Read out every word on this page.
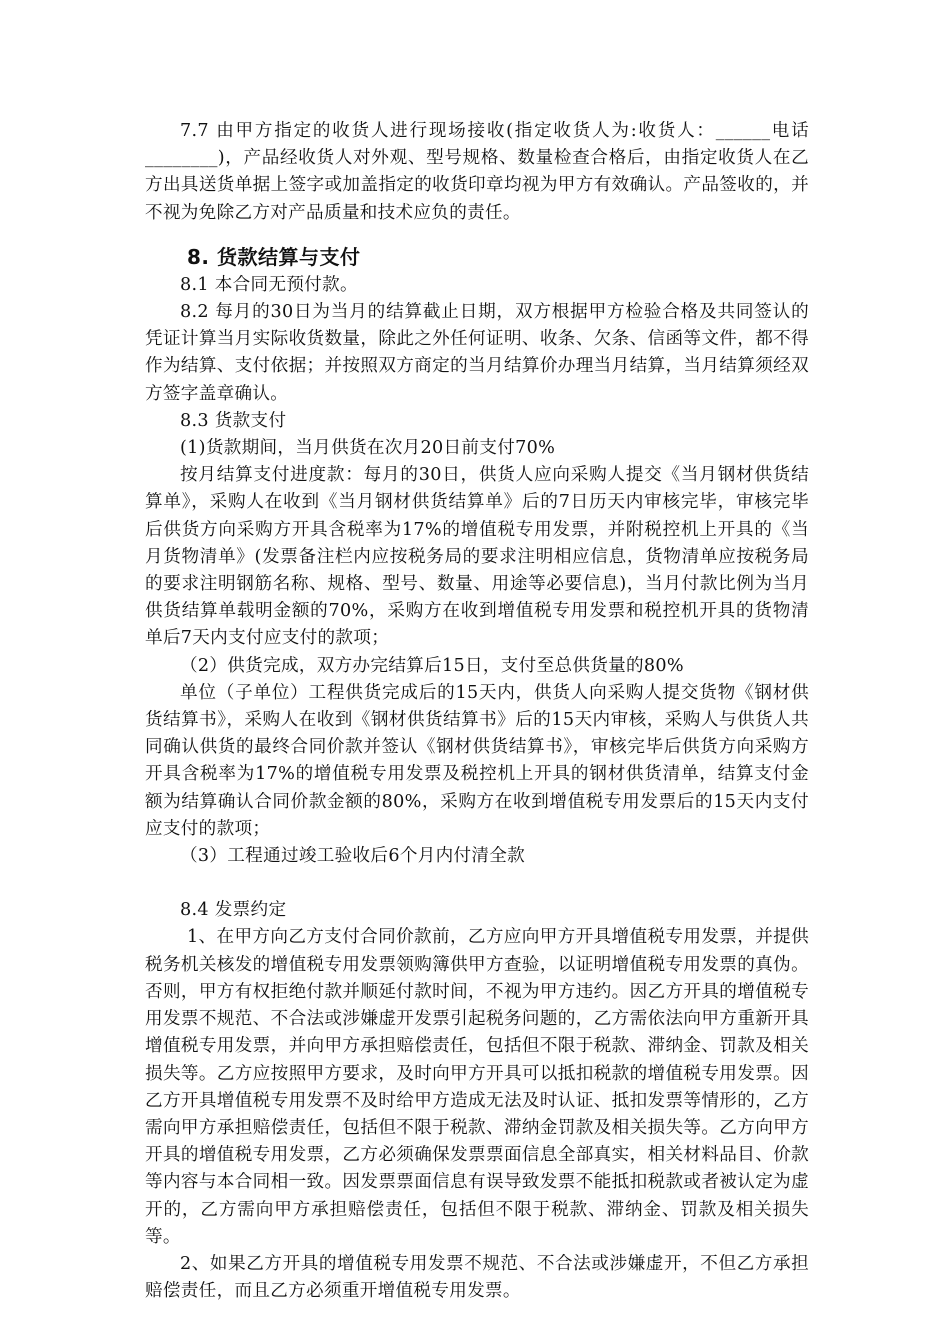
7.7 由甲方指定的收货人进行现场接收(指定收货人为:收货人：______电话________)，产品经收货人对外观、型号规格、数量检查合格后，由指定收货人在乙方出具送货单据上签字或加盖指定的收货印章均视为甲方有效确认。产品签收的，并不视为免除乙方对产品质量和技术应负的责任。

8. 货款结算与支付

8.1 本合同无预付款。

8.2 每月的30日为当月的结算截止日期，双方根据甲方检验合格及共同签认的凭证计算当月实际收货数量，除此之外任何证明、收条、欠条、信函等文件，都不得作为结算、支付依据；并按照双方商定的当月结算价办理当月结算，当月结算须经双方签字盖章确认。

8.3 货款支付

(1)货款期间，当月供货在次月20日前支付70%

按月结算支付进度款：每月的30日，供货人应向采购人提交《当月钢材供货结算单》，采购人在收到《当月钢材供货结算单》后的7日历天内审核完毕，审核完毕后供货方向采购方开具含税率为17%的增值税专用发票，并附税控机上开具的《当月货物清单》(发票备注栏内应按税务局的要求注明相应信息，货物清单应按税务局的要求注明钢筋名称、规格、型号、数量、用途等必要信息)，当月付款比例为当月供货结算单载明金额的70%，采购方在收到增值税专用发票和税控机开具的货物清单后7天内支付应支付的款项；

（2）供货完成，双方办完结算后15日，支付至总供货量的80%

单位（子单位）工程供货完成后的15天内，供货人向采购人提交货物《钢材供货结算书》，采购人在收到《钢材供货结算书》后的15天内审核，采购人与供货人共同确认供货的最终合同价款并签认《钢材供货结算书》，审核完毕后供货方向采购方开具含税率为17%的增值税专用发票及税控机上开具的钢材供货清单，结算支付金额为结算确认合同价款金额的80%，采购方在收到增值税专用发票后的15天内支付应支付的款项；

（3）工程通过竣工验收后6个月内付清全款

8.4 发票约定

1、在甲方向乙方支付合同价款前，乙方应向甲方开具增值税专用发票，并提供税务机关核发的增值税专用发票领购簿供甲方查验，以证明增值税专用发票的真伪。否则，甲方有权拒绝付款并顺延付款时间，不视为甲方违约。因乙方开具的增值税专用发票不规范、不合法或涉嫌虚开发票引起税务问题的，乙方需依法向甲方重新开具增值税专用发票，并向甲方承担赔偿责任，包括但不限于税款、滞纳金、罚款及相关损失等。乙方应按照甲方要求，及时向甲方开具可以抵扣税款的增值税专用发票。因乙方开具增值税专用发票不及时给甲方造成无法及时认证、抵扣发票等情形的，乙方需向甲方承担赔偿责任，包括但不限于税款、滞纳金罚款及相关损失等。乙方向甲方开具的增值税专用发票，乙方必须确保发票票面信息全部真实，相关材料品目、价款等内容与本合同相一致。因发票票面信息有误导致发票不能抵扣税款或者被认定为虚开的，乙方需向甲方承担赔偿责任，包括但不限于税款、滞纳金、罚款及相关损失等。

2、如果乙方开具的增值税专用发票不规范、不合法或涉嫌虚开，不但乙方承担赔偿责任，而且乙方必须重开增值税专用发票。
